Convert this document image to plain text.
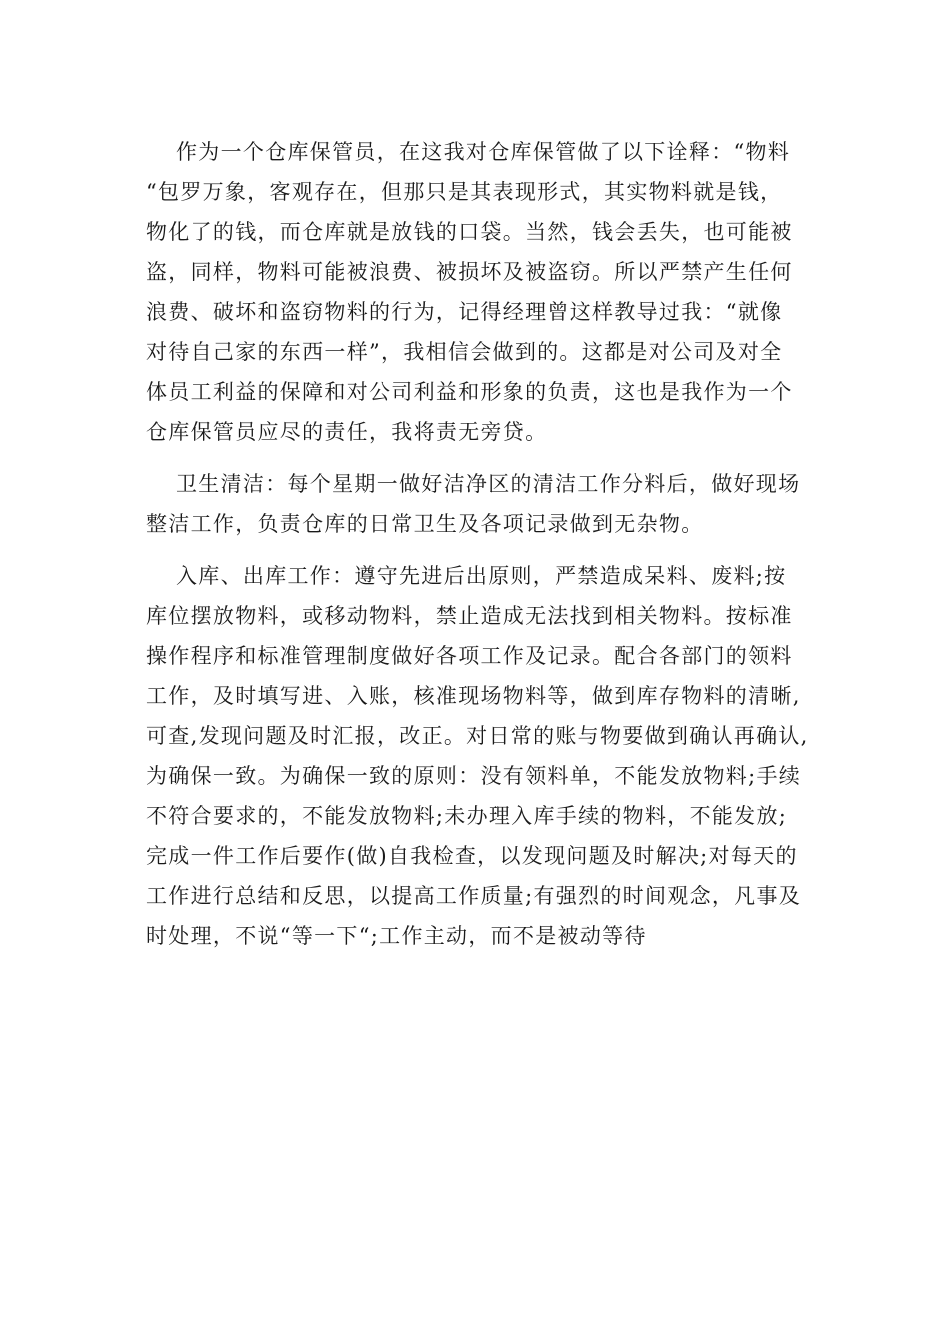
作为一个仓库保管员，在这我对仓库保管做了以下诠释：“物料
“包罗万象，客观存在，但那只是其表现形式，其实物料就是钱，
物化了的钱，而仓库就是放钱的口袋。当然，钱会丢失，也可能被
盗，同样，物料可能被浪费、被损坏及被盗窃。所以严禁产生任何
浪费、破坏和盗窃物料的行为，记得经理曾这样教导过我：“就像
对待自己家的东西一样”，我相信会做到的。这都是对公司及对全
体员工利益的保障和对公司利益和形象的负责，这也是我作为一个
仓库保管员应尽的责任，我将责无旁贷。
卫生清洁：每个星期一做好洁净区的清洁工作分料后，做好现场
整洁工作，负责仓库的日常卫生及各项记录做到无杂物。
入库、出库工作：遵守先进后出原则，严禁造成呆料、废料;按
库位摆放物料，或移动物料，禁止造成无法找到相关物料。按标准
操作程序和标准管理制度做好各项工作及记录。配合各部门的领料
工作，及时填写进、入账，核准现场物料等，做到库存物料的清晰,
可查,发现问题及时汇报，改正。对日常的账与物要做到确认再确认,
为确保一致。为确保一致的原则：没有领料单，不能发放物料;手续
不符合要求的，不能发放物料;未办理入库手续的物料，不能发放;
完成一件工作后要作(做)自我检查，以发现问题及时解决;对每天的
工作进行总结和反思，以提高工作质量;有强烈的时间观念，凡事及
时处理，不说“等一下“;工作主动，而不是被动等待
